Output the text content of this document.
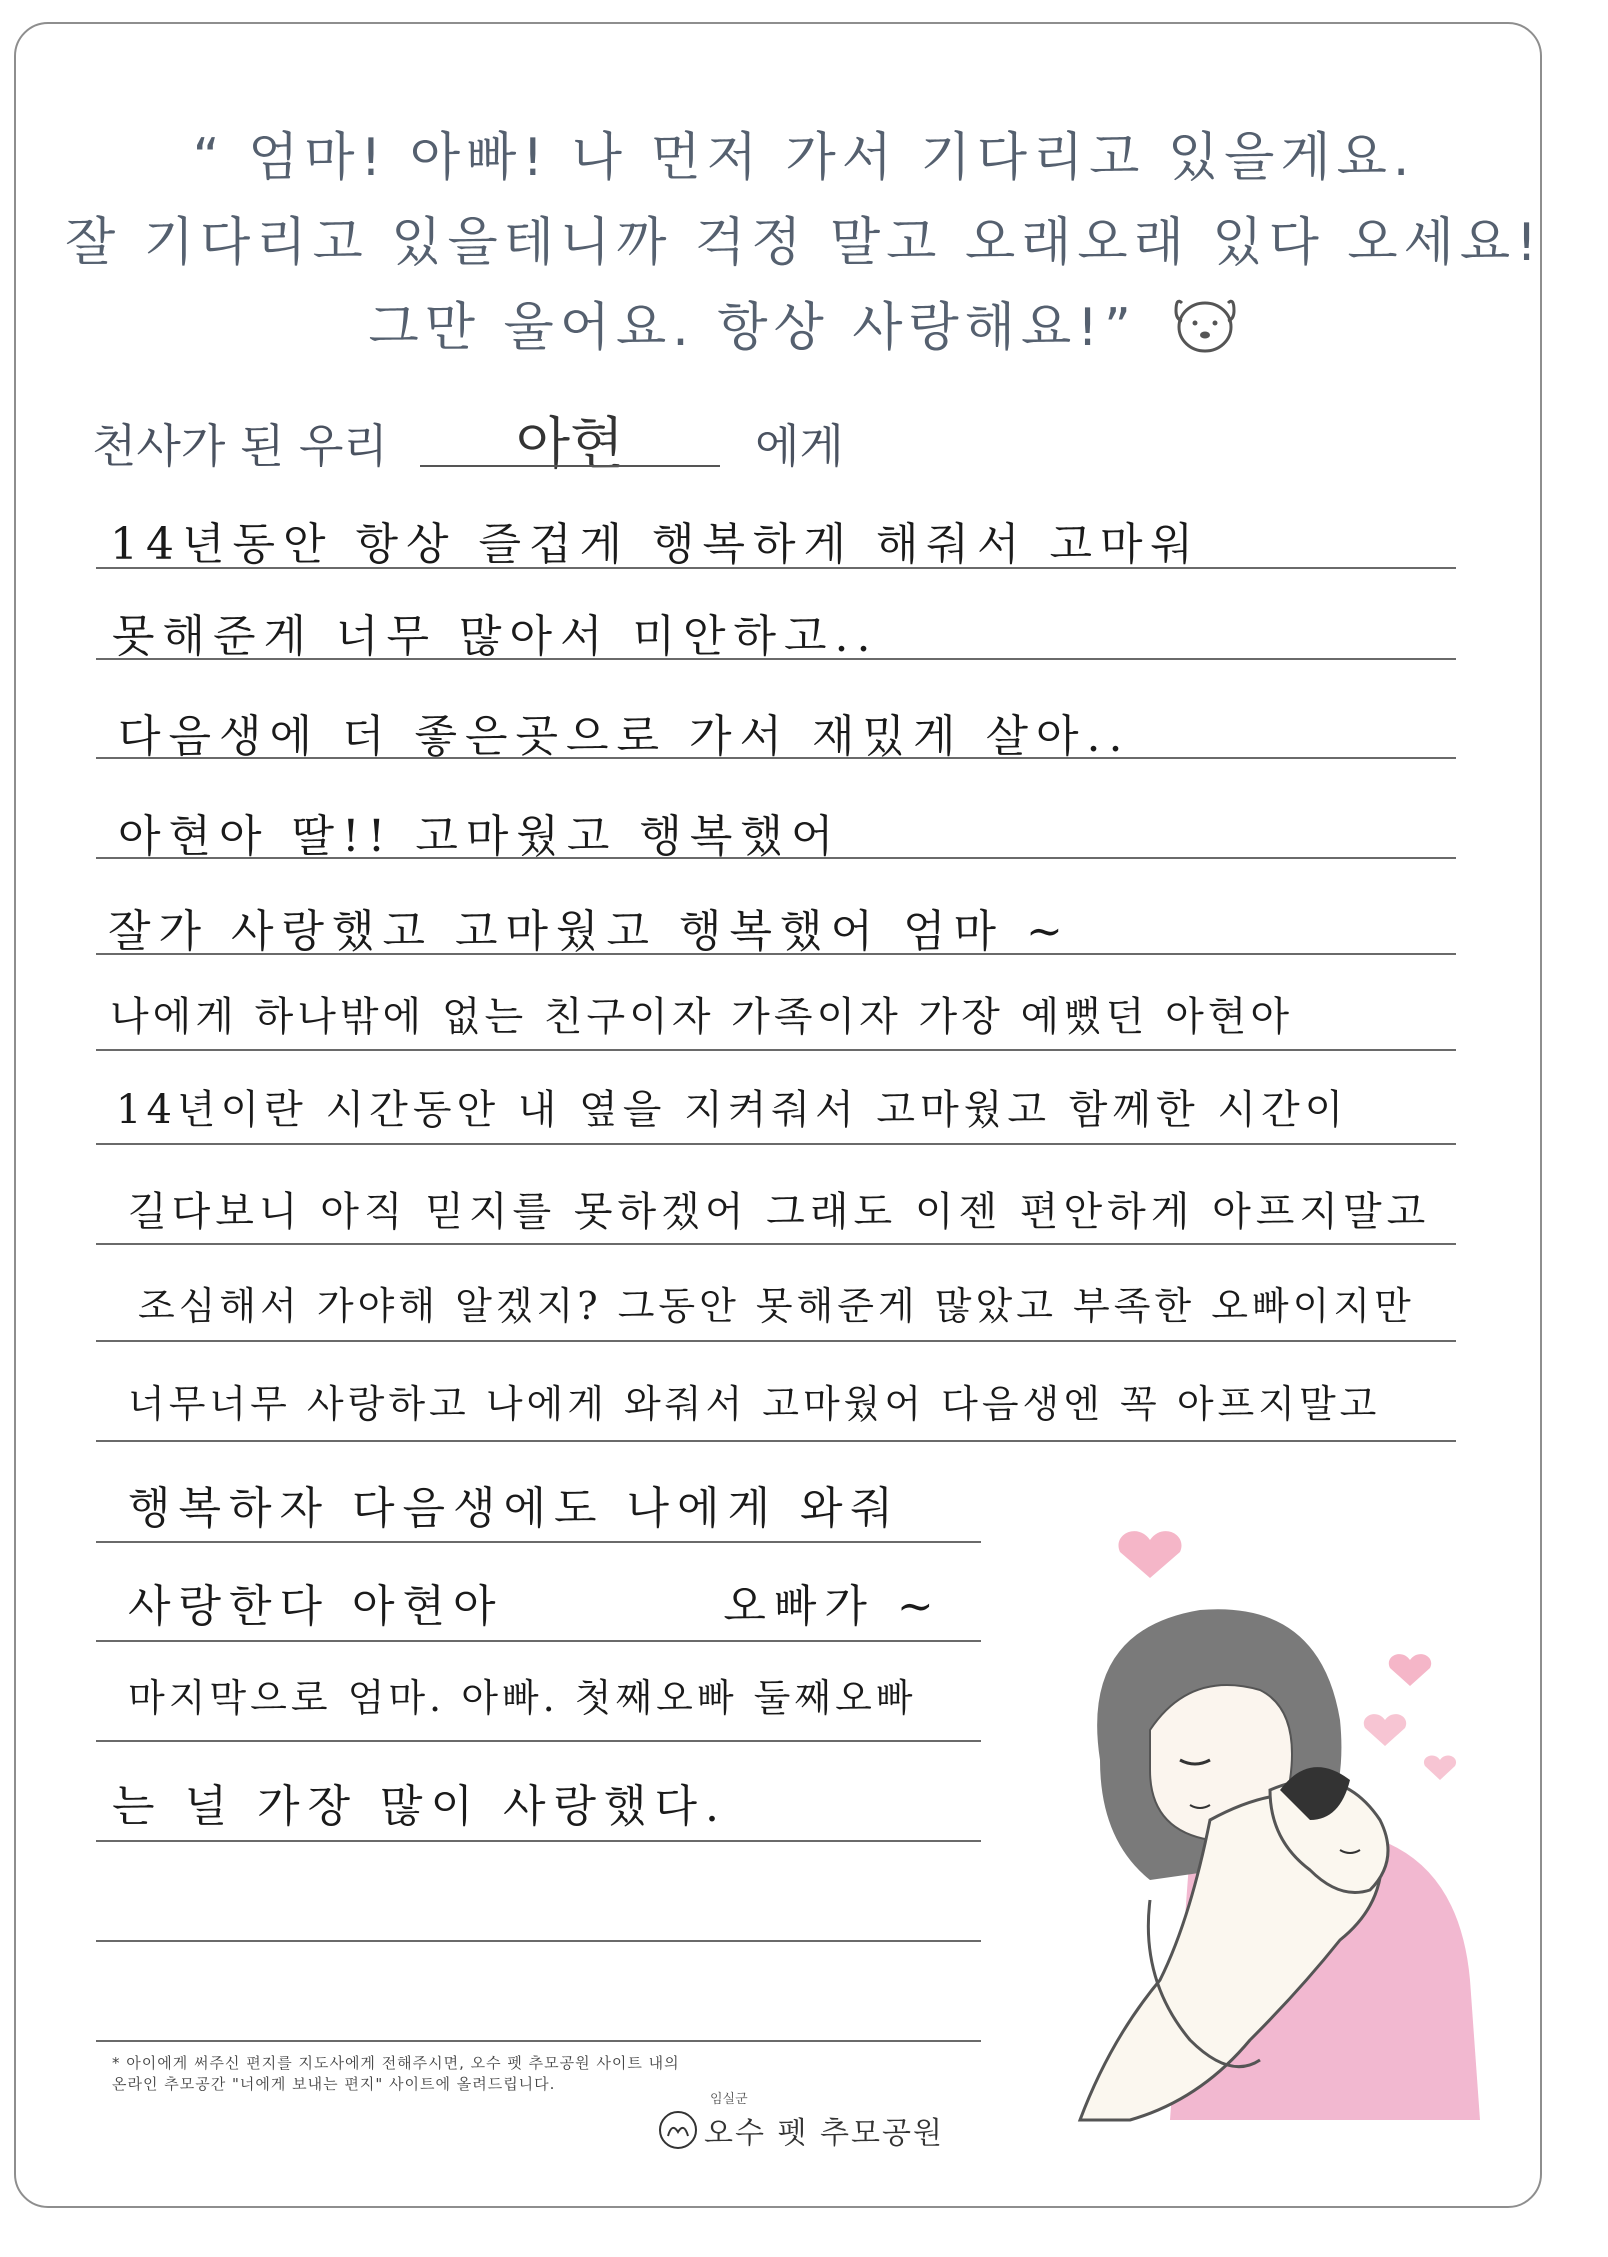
“ 엄마! 아빠! 나 먼저 가서 기다리고 있을게요.
잘 기다리고 있을테니까 걱정 말고 오래오래 있다 오세요!
그만 울어요. 항상 사랑해요!”
천사가 된 우리	아현	에게
14년동안 항상 즐겁게 행복하게 해줘서 고마워
못해준게 너무 많아서 미안하고..
다음생에 더 좋은곳으로 가서 재밌게 살아..
아현아 딸!! 고마웠고 행복했어
잘가 사랑했고 고마웠고 행복했어 엄마 ~
나에게 하나밖에 없는 친구이자 가족이자 가장 예뻤던 아현아
14년이란 시간동안 내 옆을 지켜줘서 고마웠고 함께한 시간이
길다보니 아직 믿지를 못하겠어 그래도 이젠 편안하게 아프지말고
조심해서 가야해 알겠지? 그동안 못해준게 많았고 부족한 오빠이지만
너무너무 사랑하고 나에게 와줘서 고마웠어 다음생엔 꼭 아프지말고
행복하자 다음생에도 나에게 와줘
사랑한다 아현아          오빠가 ~
마지막으로 엄마. 아빠. 첫째오빠 둘째오빠
는 널 가장 많이 사랑했다.
* 아이에게 써주신 편지를 지도사에게 전해주시면, 오수 펫 추모공원 사이트 내의
온라인 추모공간 "너에게 보내는 편지" 사이트에 올려드립니다.
임실군
오수 펫 추모공원
